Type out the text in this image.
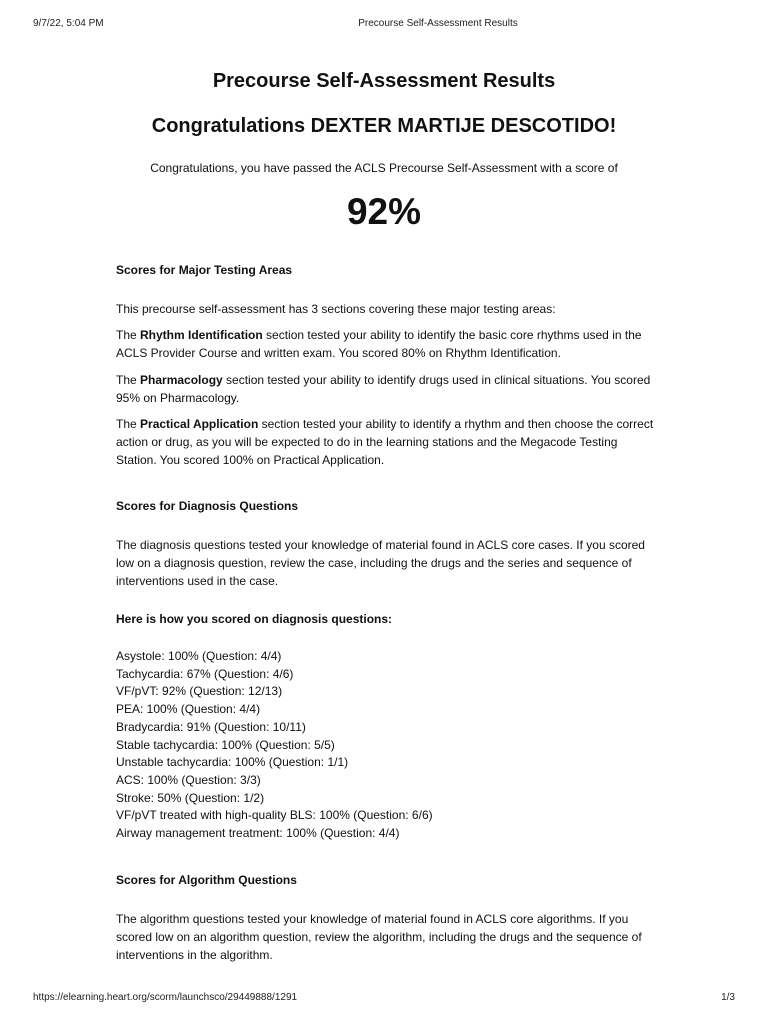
9/7/22, 5:04 PM	Precourse Self-Assessment Results
Precourse Self-Assessment Results
Congratulations DEXTER MARTIJE DESCOTIDO!
Congratulations, you have passed the ACLS Precourse Self-Assessment with a score of
92%
Scores for Major Testing Areas
This precourse self-assessment has 3 sections covering these major testing areas:
The Rhythm Identification section tested your ability to identify the basic core rhythms used in the ACLS Provider Course and written exam. You scored 80% on Rhythm Identification.
The Pharmacology section tested your ability to identify drugs used in clinical situations. You scored 95% on Pharmacology.
The Practical Application section tested your ability to identify a rhythm and then choose the correct action or drug, as you will be expected to do in the learning stations and the Megacode Testing Station. You scored 100% on Practical Application.
Scores for Diagnosis Questions
The diagnosis questions tested your knowledge of material found in ACLS core cases. If you scored low on a diagnosis question, review the case, including the drugs and the series and sequence of interventions used in the case.
Here is how you scored on diagnosis questions:
Asystole: 100% (Question: 4/4)
Tachycardia: 67% (Question: 4/6)
VF/pVT: 92% (Question: 12/13)
PEA: 100% (Question: 4/4)
Bradycardia: 91% (Question: 10/11)
Stable tachycardia: 100% (Question: 5/5)
Unstable tachycardia: 100% (Question: 1/1)
ACS: 100% (Question: 3/3)
Stroke: 50% (Question: 1/2)
VF/pVT treated with high-quality BLS: 100% (Question: 6/6)
Airway management treatment: 100% (Question: 4/4)
Scores for Algorithm Questions
The algorithm questions tested your knowledge of material found in ACLS core algorithms. If you scored low on an algorithm question, review the algorithm, including the drugs and the sequence of interventions in the algorithm.
https://elearning.heart.org/scorm/launchsco/29449888/1291	1/3
